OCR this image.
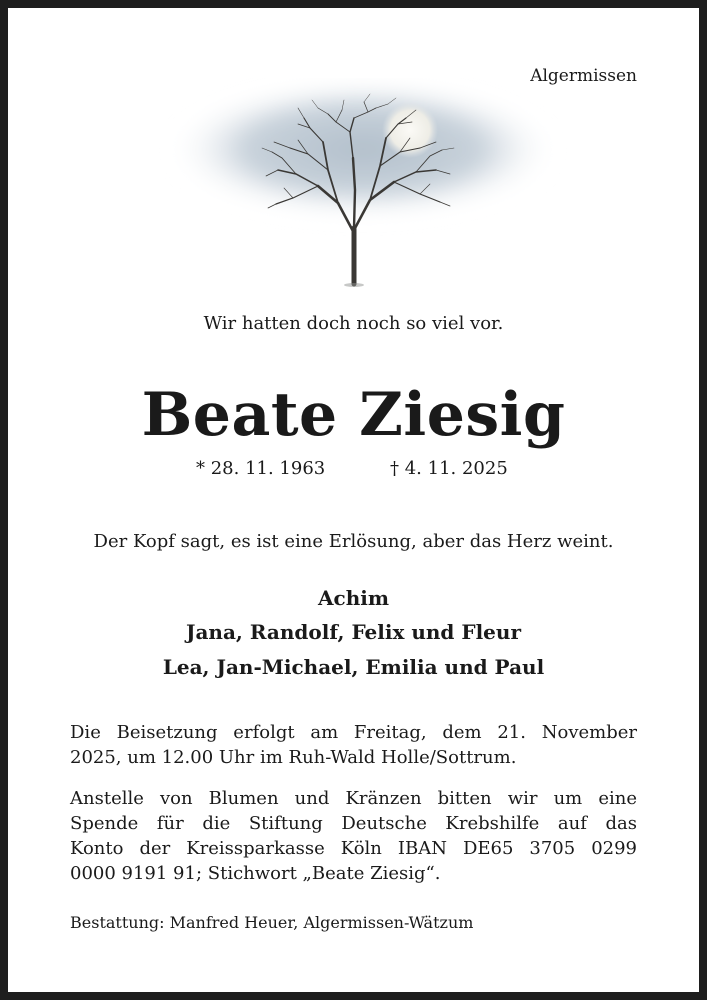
Algermissen
Wir hatten doch noch so viel vor.
Beate Ziesig
* 28. 11. 1963	† 4. 11. 2025
Der Kopf sagt, es ist eine Erlösung, aber das Herz weint.
Achim
Jana, Randolf, Felix und Fleur
Lea, Jan-Michael, Emilia und Paul
Die Beisetzung erfolgt am Freitag, dem 21. November
2025, um 12.00 Uhr im Ruh-Wald Holle/Sottrum.
Anstelle von Blumen und Kränzen bitten wir um eine
Spende für die Stiftung Deutsche Krebshilfe auf das
Konto der Kreissparkasse Köln IBAN DE65 3705 0299
0000 9191 91; Stichwort „Beate Ziesig“.
Bestattung: Manfred Heuer, Algermissen-Wätzum
